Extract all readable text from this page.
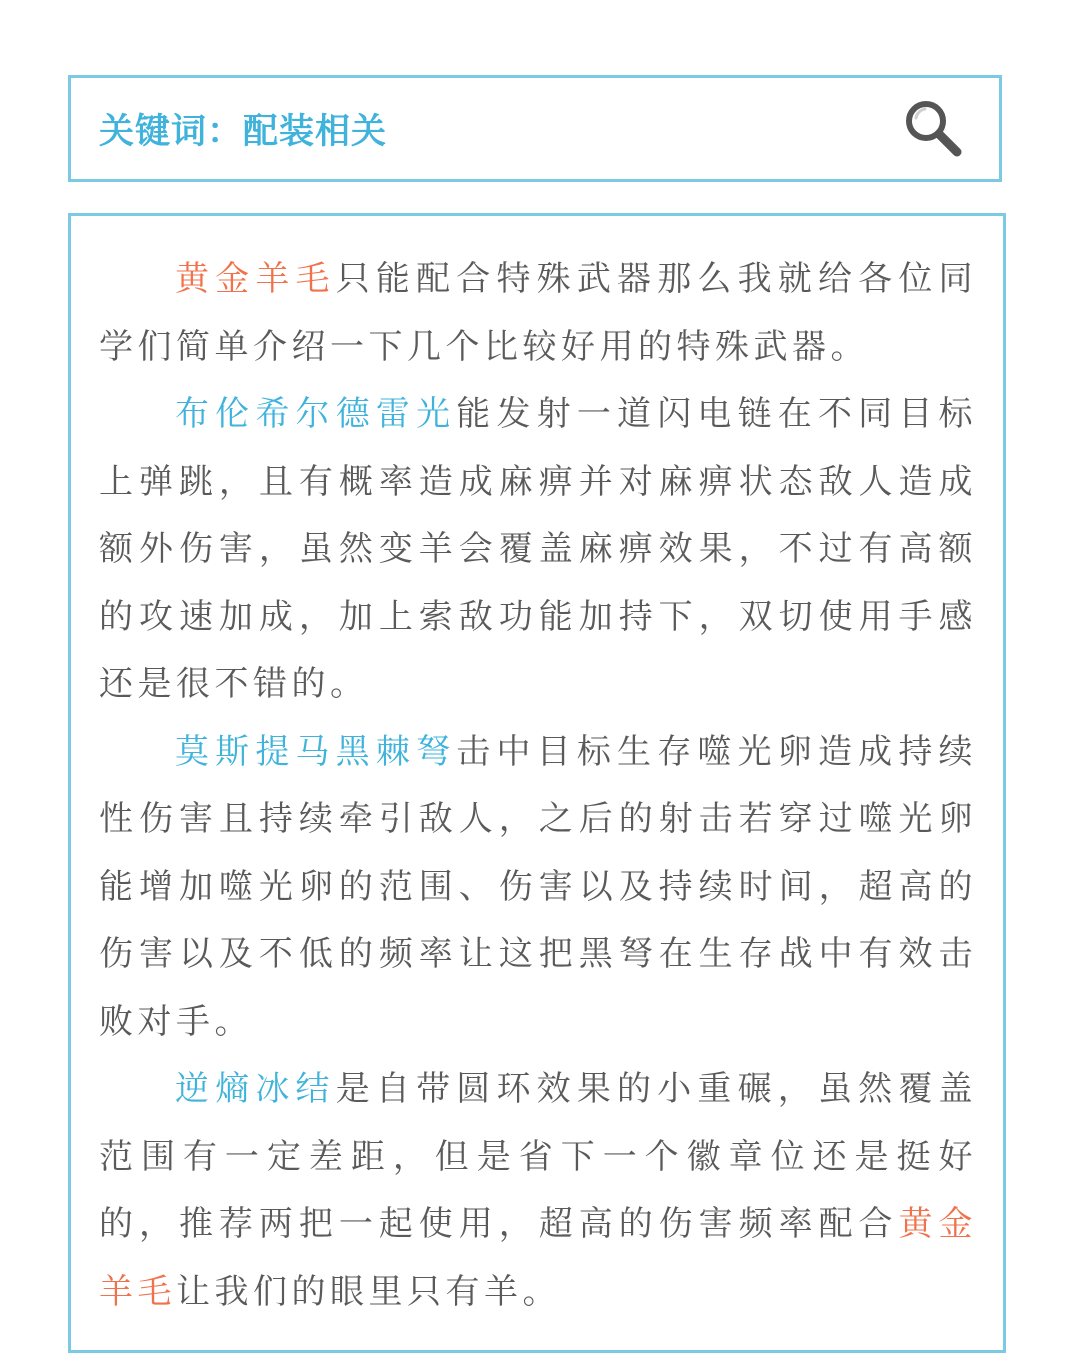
关键词：配装相关

黄金羊毛只能配合特殊武器那么我就给各位同学们简单介绍一下几个比较好用的特殊武器。

布伦希尔德雷光能发射一道闪电链在不同目标上弹跳，且有概率造成麻痹并对麻痹状态敌人造成额外伤害，虽然变羊会覆盖麻痹效果，不过有高额的攻速加成，加上索敌功能加持下，双切使用手感还是很不错的。

莫斯提马黑棘弩击中目标生存噬光卵造成持续性伤害且持续牵引敌人，之后的射击若穿过噬光卵能增加噬光卵的范围、伤害以及持续时间，超高的伤害以及不低的频率让这把黑弩在生存战中有效击败对手。

逆熵冰结是自带圆环效果的小重碾，虽然覆盖范围有一定差距，但是省下一个徽章位还是挺好的，推荐两把一起使用，超高的伤害频率配合黄金羊毛让我们的眼里只有羊。
